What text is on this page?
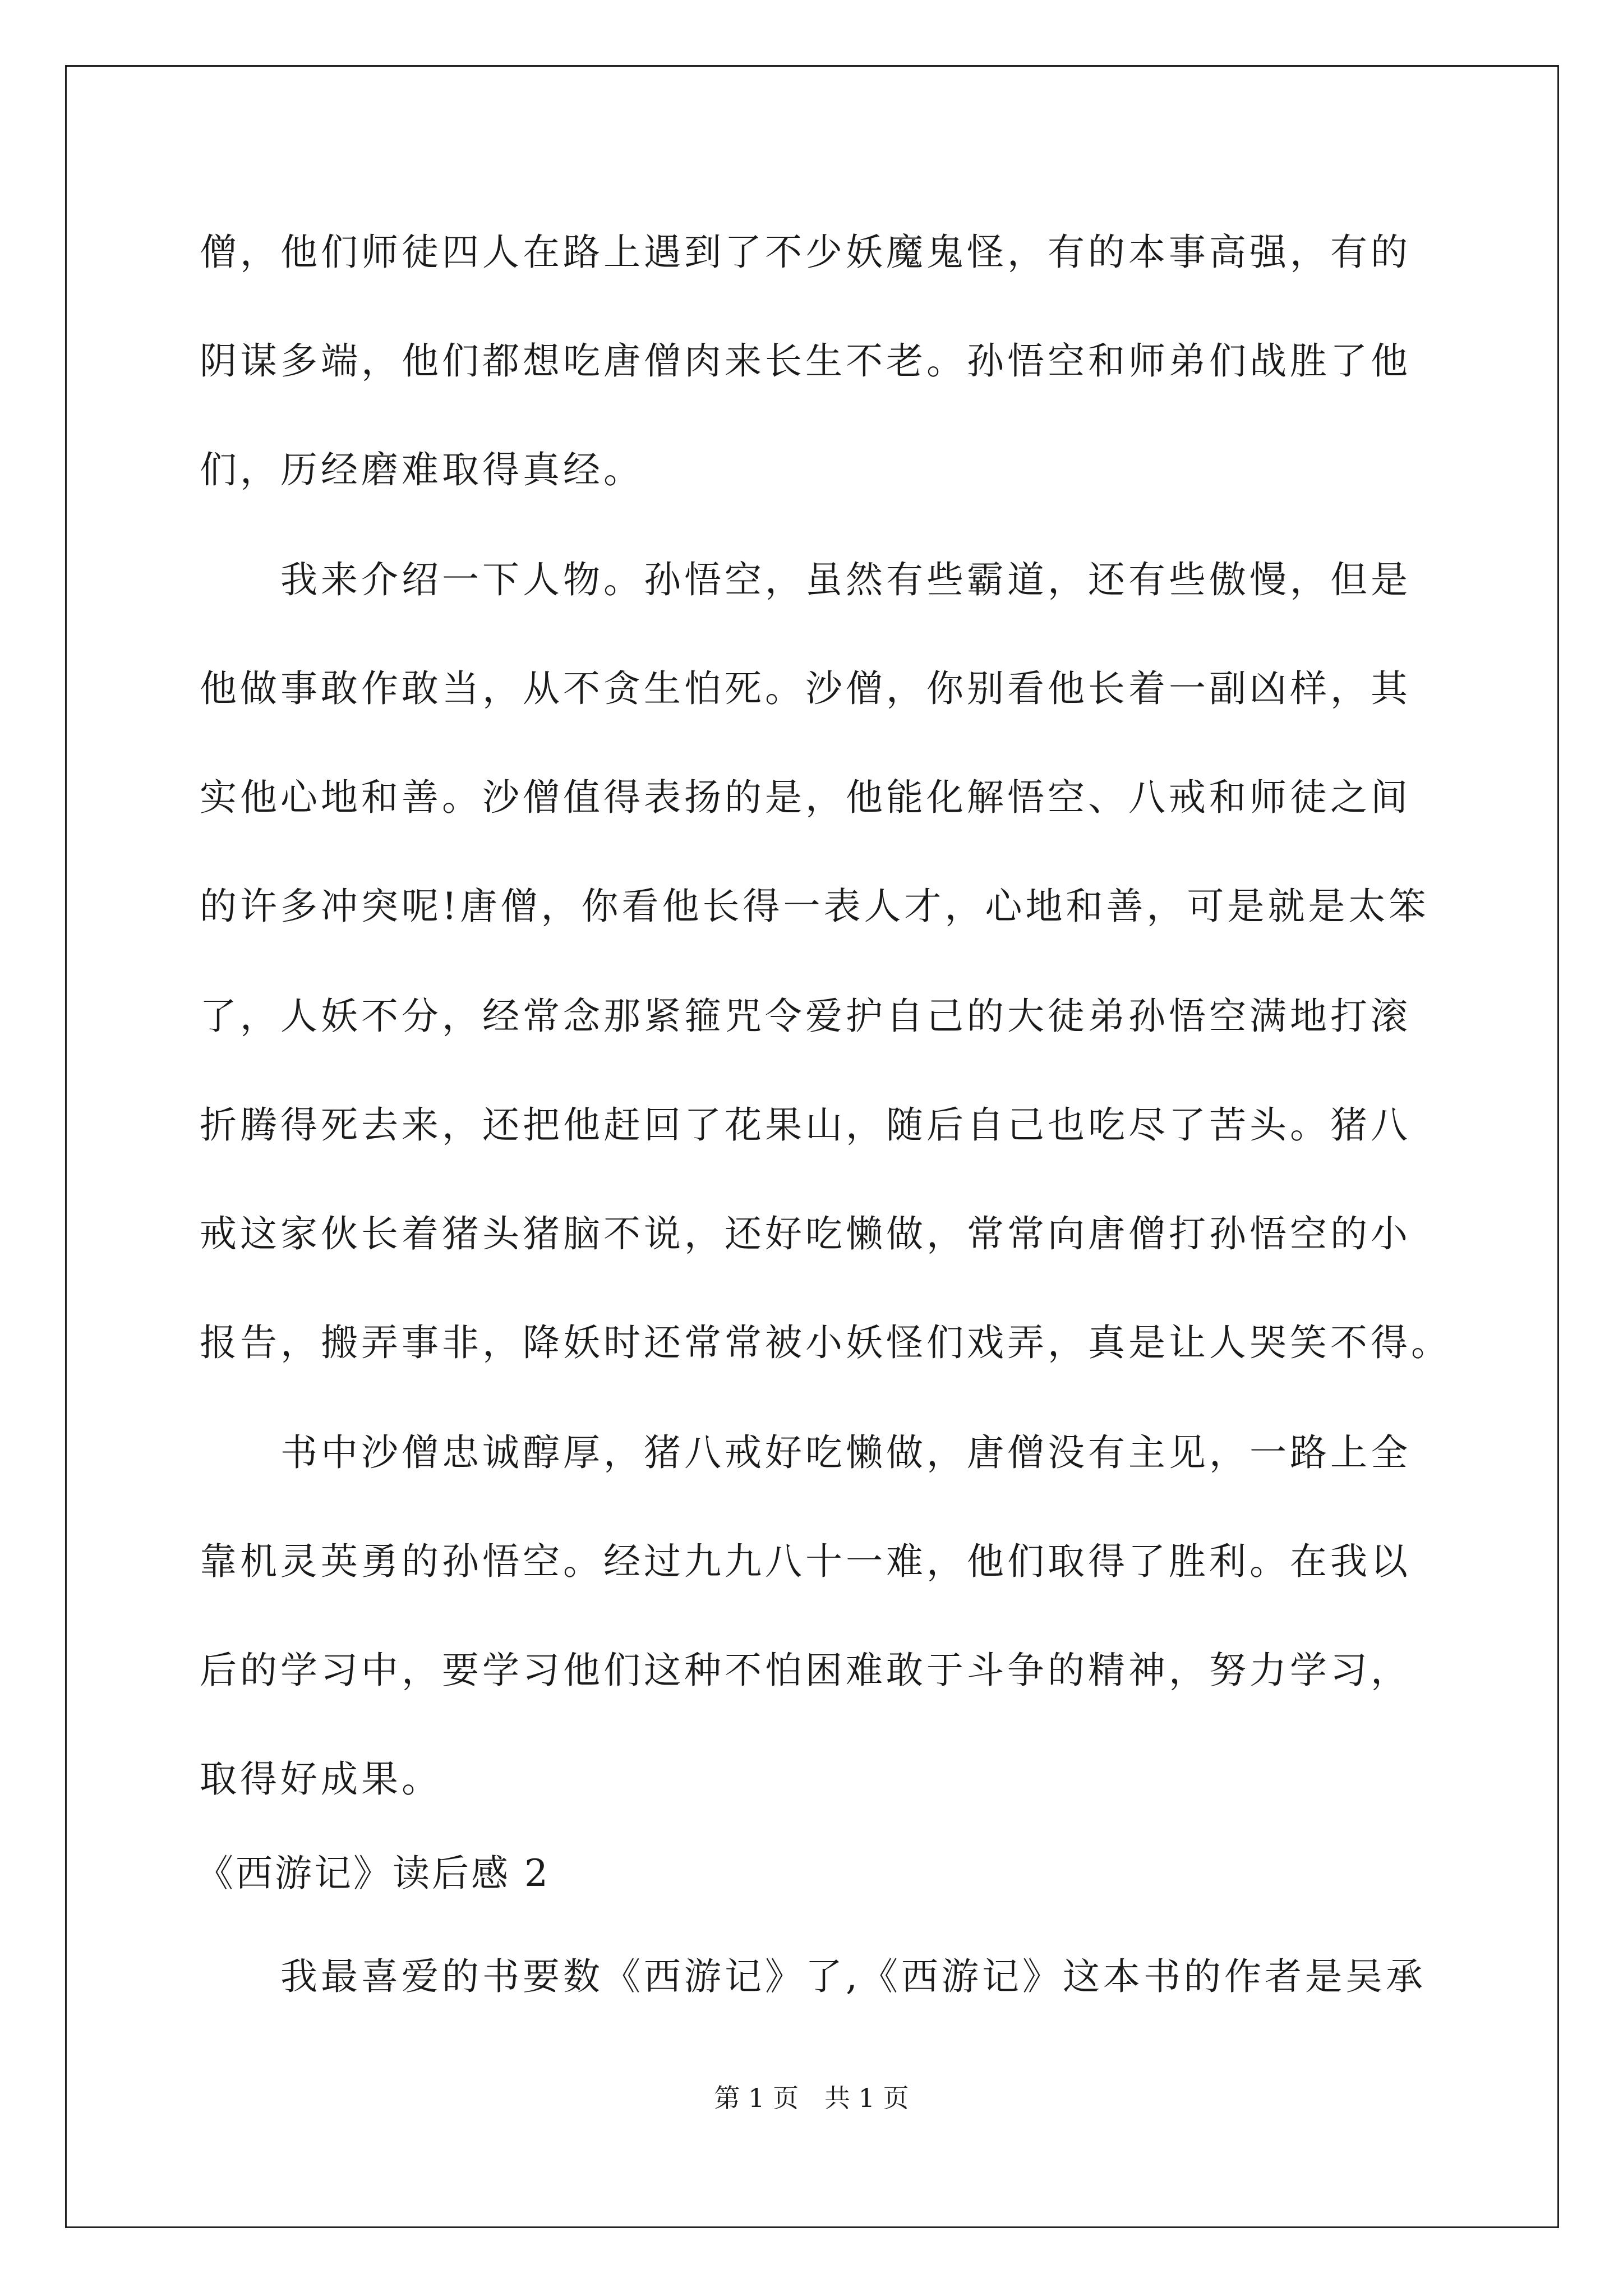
僧，他们师徒四人在路上遇到了不少妖魔鬼怪，有的本事高强，有的
阴谋多端，他们都想吃唐僧肉来长生不老。孙悟空和师弟们战胜了他
们，历经磨难取得真经。
我来介绍一下人物。孙悟空，虽然有些霸道，还有些傲慢，但是
他做事敢作敢当，从不贪生怕死。沙僧，你别看他长着一副凶样，其
实他心地和善。沙僧值得表扬的是，他能化解悟空、八戒和师徒之间
的许多冲突呢!唐僧，你看他长得一表人才，心地和善，可是就是太笨
了，人妖不分，经常念那紧箍咒令爱护自己的大徒弟孙悟空满地打滚
折腾得死去来，还把他赶回了花果山，随后自己也吃尽了苦头。猪八
戒这家伙长着猪头猪脑不说，还好吃懒做，常常向唐僧打孙悟空的小
报告，搬弄事非，降妖时还常常被小妖怪们戏弄，真是让人哭笑不得。
书中沙僧忠诚醇厚，猪八戒好吃懒做，唐僧没有主见，一路上全
靠机灵英勇的孙悟空。经过九九八十一难，他们取得了胜利。在我以
后的学习中，要学习他们这种不怕困难敢于斗争的精神，努力学习，
取得好成果。
《西游记》读后感 2
我最喜爱的书要数《西游记》了,《西游记》这本书的作者是吴承
第 1 页　共 1 页
